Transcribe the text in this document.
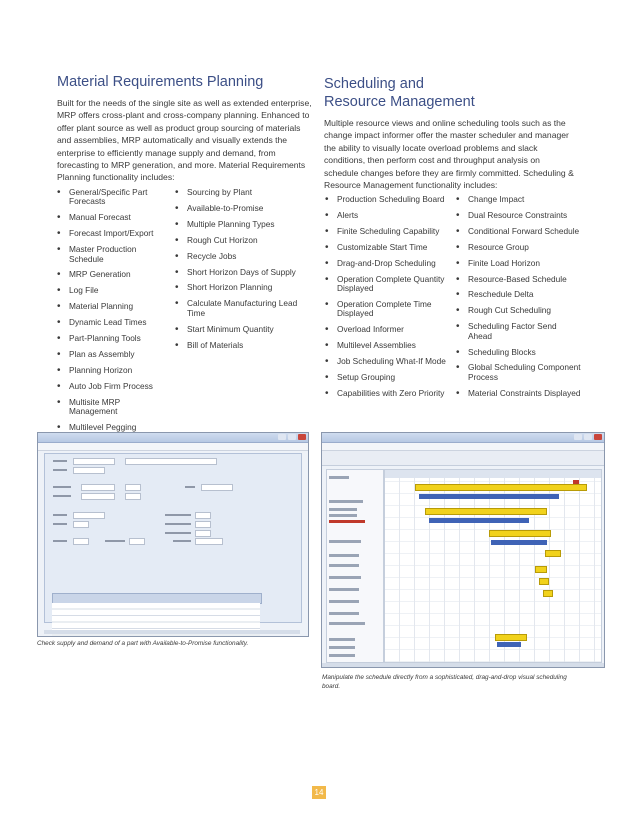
Material Requirements Planning

Built for the needs of the single site as well as extended enterprise, MRP offers cross-plant and cross-company planning. Enhanced to offer plant source as well as product group sourcing of materials and assemblies, MRP automatically and visually extends the enterprise to efficiently manage supply and demand, from forecasting to MRP generation, and more. Material Requirements Planning functionality includes:

• General/Specific Part Forecasts
• Manual Forecast
• Forecast Import/Export
• Master Production Schedule
• MRP Generation
• Log File
• Material Planning
• Dynamic Lead Times
• Part-Planning Tools
• Plan as Assembly
• Planning Horizon
• Auto Job Firm Process
• Multisite MRP Management
• Multilevel Pegging
• Sourcing by Plant
• Available-to-Promise
• Multiple Planning Types
• Rough Cut Horizon
• Recycle Jobs
• Short Horizon Days of Supply
• Short Horizon Planning
• Calculate Manufacturing Lead Time
• Start Minimum Quantity
• Bill of Materials
Scheduling and
Resource Management

Multiple resource views and online scheduling tools such as the change impact informer offer the master scheduler and manager the ability to visually locate overload problems and slack conditions, then perform cost and throughput analysis on schedule changes before they are firmly committed. Scheduling & Resource Management functionality includes:

• Production Scheduling Board
• Alerts
• Finite Scheduling Capability
• Customizable Start Time
• Drag-and-Drop Scheduling
• Operation Complete Quantity Displayed
• Operation Complete Time Displayed
• Overload Informer
• Multilevel Assemblies
• Job Scheduling What-If Mode
• Setup Grouping
• Capabilities with Zero Priority
• Change Impact
• Dual Resource Constraints
• Conditional Forward Schedule
• Resource Group
• Finite Load Horizon
• Resource-Based Schedule
• Reschedule Delta
• Rough Cut Scheduling
• Scheduling Factor Send Ahead
• Scheduling Blocks
• Global Scheduling Component Process
• Material Constraints Displayed

Check supply and demand of a part with Available-to-Promise functionality.

Manipulate the schedule directly from a sophisticated, drag-and-drop visual scheduling board.

14
